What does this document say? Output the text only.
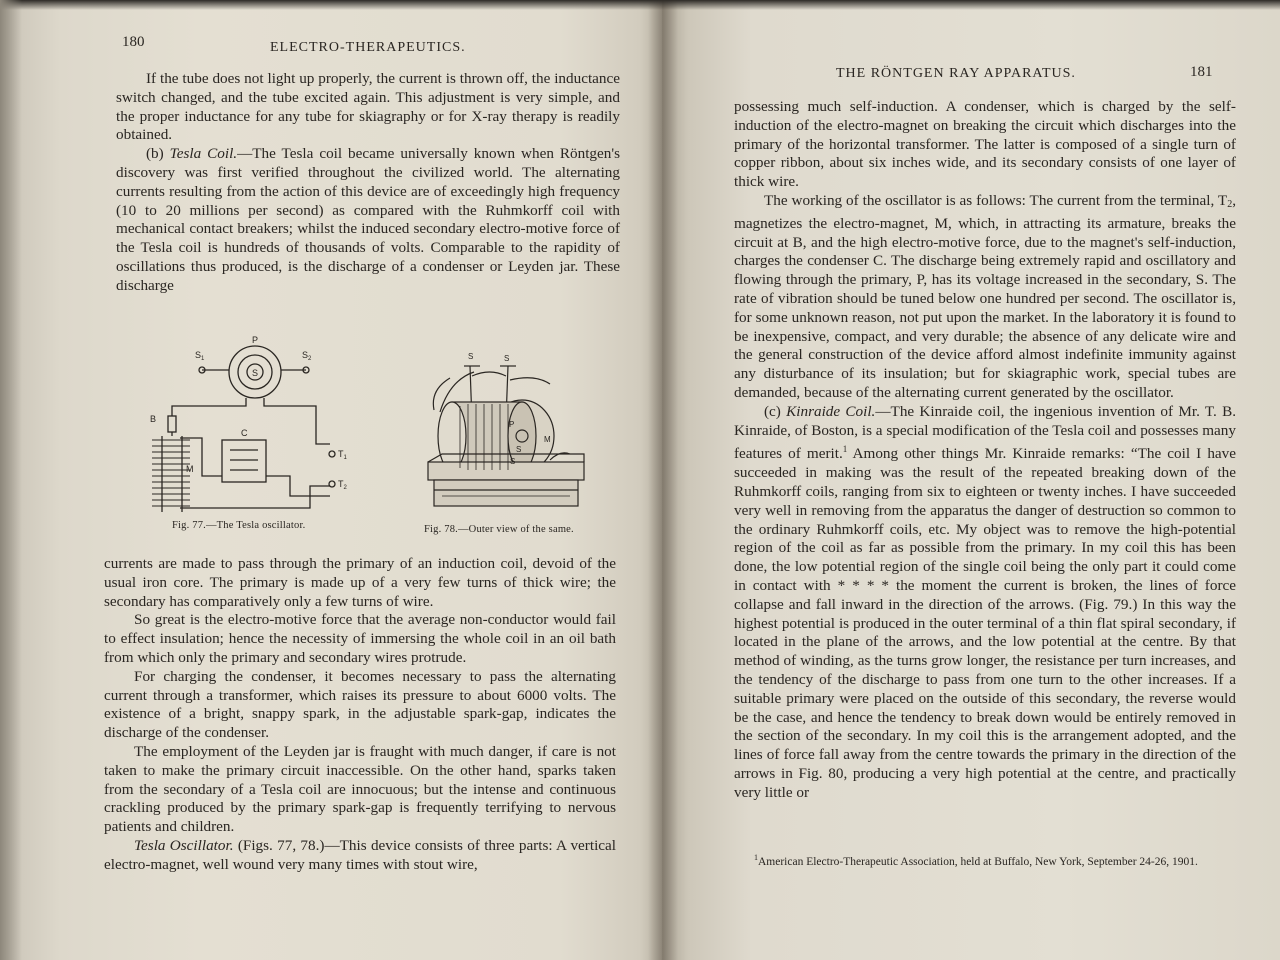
180	ELECTRO-THERAPEUTICS.

If the tube does not light up properly, the current is thrown off, the inductance switch changed, and the tube excited again. This adjustment is very simple, and the proper inductance for any tube for skiagraphy or for X-ray therapy is readily obtained.

(b) Tesla Coil.—The Tesla coil became universally known when Röntgen's discovery was first verified throughout the civilized world. The alternating currents resulting from the action of this device are of exceedingly high frequency (10 to 20 millions per second) as compared with the Ruhmkorff coil with mechanical contact breakers; whilst the induced secondary electro-motive force of the Tesla coil is hundreds of thousands of volts. Comparable to the rapidity of oscillations thus produced, is the discharge of a condenser or Leyden jar. These discharge

P
S
$S_1$	$S_2$
B
M
C
$T_1$
$T_2$
Fig. 77.—The Tesla oscillator.
S	S
P
M
S
S
Fig. 78.—Outer view of the same.

currents are made to pass through the primary of an induction coil, devoid of the usual iron core. The primary is made up of a very few turns of thick wire; the secondary has comparatively only a few turns of wire.

So great is the electro-motive force that the average non-conductor would fail to effect insulation; hence the necessity of immersing the whole coil in an oil bath from which only the primary and secondary wires protrude.

For charging the condenser, it becomes necessary to pass the alternating current through a transformer, which raises its pressure to about 6000 volts. The existence of a bright, snappy spark, in the adjustable spark-gap, indicates the discharge of the condenser.

The employment of the Leyden jar is fraught with much danger, if care is not taken to make the primary circuit inaccessible. On the other hand, sparks taken from the secondary of a Tesla coil are innocuous; but the intense and continuous crackling produced by the primary spark-gap is frequently terrifying to nervous patients and children.

Tesla Oscillator. (Figs. 77, 78.)—This device consists of three parts: A vertical electro-magnet, well wound very many times with stout wire,

THE RÖNTGEN RAY APPARATUS.	181

possessing much self-induction. A condenser, which is charged by the self-induction of the electro-magnet on breaking the circuit which discharges into the primary of the horizontal transformer. The latter is composed of a single turn of copper ribbon, about six inches wide, and its secondary consists of one layer of thick wire.

The working of the oscillator is as follows: The current from the terminal, $T_2$, magnetizes the electro-magnet, M, which, in attracting its armature, breaks the circuit at B, and the high electro-motive force, due to the magnet's self-induction, charges the condenser C. The discharge being extremely rapid and oscillatory and flowing through the primary, P, has its voltage increased in the secondary, S. The rate of vibration should be tuned below one hundred per second. The oscillator is, for some unknown reason, not put upon the market. In the laboratory it is found to be inexpensive, compact, and very durable; the absence of any delicate wire and the general construction of the device afford almost indefinite immunity against any disturbance of its insulation; but for skiagraphic work, special tubes are demanded, because of the alternating current generated by the oscillator.

(c) Kinraide Coil.—The Kinraide coil, the ingenious invention of Mr. T. B. Kinraide, of Boston, is a special modification of the Tesla coil and possesses many features of merit.$^1$ Among other things Mr. Kinraide remarks: “The coil I have succeeded in making was the result of the repeated breaking down of the Ruhmkorff coils, ranging from six to eighteen or twenty inches. I have succeeded very well in removing from the apparatus the danger of destruction so common to the ordinary Ruhmkorff coils, etc. My object was to remove the high-potential region of the coil as far as possible from the primary. In my coil this has been done, the low potential region of the single coil being the only part it could come in contact with * * * * the moment the current is broken, the lines of force collapse and fall inward in the direction of the arrows. (Fig. 79.) In this way the highest potential is produced in the outer terminal of a thin flat spiral secondary, if located in the plane of the arrows, and the low potential at the centre. By that method of winding, as the turns grow longer, the resistance per turn increases, and the tendency of the discharge to pass from one turn to the other increases. If a suitable primary were placed on the outside of this secondary, the reverse would be the case, and hence the tendency to break down would be entirely removed in the section of the secondary. In my coil this is the arrangement adopted, and the lines of force fall away from the centre towards the primary in the direction of the arrows in Fig. 80, producing a very high potential at the centre, and practically very little or

$^1$American Electro-Therapeutic Association, held at Buffalo, New York, September 24-26, 1901.
